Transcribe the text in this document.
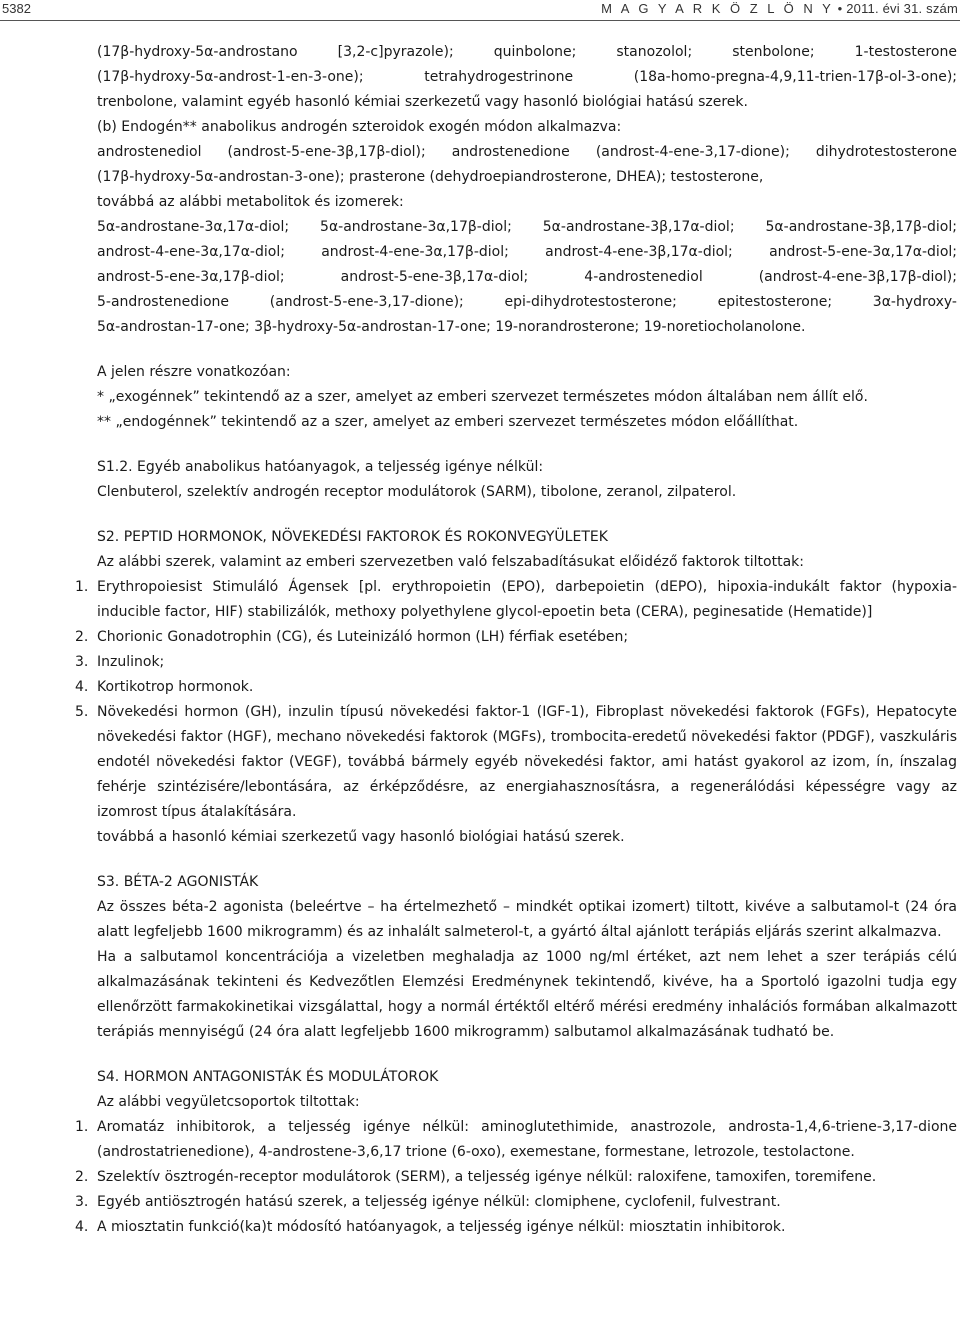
5382	M A G Y A R K Ö Z L Ö N Y • 2011. évi 31. szám
(17β-hydroxy-5α-androstano	[3,2-c]pyrazole);	quinbolone;	stanozolol;	stenbolone;	1-testosterone
(17β-hydroxy-5α-androst-1-en-3-one);	tetrahydrogestrinone	(18a-homo-pregna-4,9,11-trien-17β-ol-3-one);

trenbolone, valamint egyéb hasonló kémiai szerkezetű vagy hasonló biológiai hatású szerek.

(b) Endogén** anabolikus androgén szteroidok exogén módon alkalmazva:

androstenediol (androst-5-ene-3β,17β-diol); androstenedione (androst-4-ene-3,17-dione); dihydrotestosterone

(17β-hydroxy-5α-androstan-3-one); prasterone (dehydroepiandrosterone, DHEA); testosterone,

továbbá az alábbi metabolitok és izomerek:

5α-androstane-3α,17α-diol; 5α-androstane-3α,17β-diol; 5α-androstane-3β,17α-diol; 5α-androstane-3β,17β-diol;
androst-4-ene-3α,17α-diol;	androst-4-ene-3α,17β-diol;	androst-4-ene-3β,17α-diol;	androst-5-ene-3α,17α-diol;
androst-5-ene-3α,17β-diol;	androst-5-ene-3β,17α-diol;	4-androstenediol	(androst-4-ene-3β,17β-diol);
5-androstenedione	(androst-5-ene-3,17-dione);	epi-dihydrotestosterone;	epitestosterone;	3α-hydroxy-

5α-androstan-17-one; 3β-hydroxy-5α-androstan-17-one; 19-norandrosterone; 19-noretiocholanolone.

A jelen részre vonatkozóan:

* „exogénnek” tekintendő az a szer, amelyet az emberi szervezet természetes módon általában nem állít elő.

** „endogénnek” tekintendő az a szer, amelyet az emberi szervezet természetes módon előállíthat.

S1.2. Egyéb anabolikus hatóanyagok, a teljesség igénye nélkül:

Clenbuterol, szelektív androgén receptor modulátorok (SARM), tibolone, zeranol, zilpaterol.

S2. PEPTID HORMONOK, NÖVEKEDÉSI FAKTOROK ÉS ROKONVEGYÜLETEK

Az alábbi szerek, valamint az emberi szervezetben való felszabadításukat előidéző faktorok tiltottak:

1. Erythropoiesist Stimuláló Ágensek [pl. erythropoietin (EPO), darbepoietin (dEPO), hipoxia-indukált faktor (hypoxia-inducible factor, HIF) stabilizálók, methoxy polyethylene glycol-epoetin beta (CERA), peginesatide (Hematide)]

2. Chorionic Gonadotrophin (CG), és Luteinizáló hormon (LH) férfiak esetében;

3. Inzulinok;

4. Kortikotrop hormonok.

5. Növekedési hormon (GH), inzulin típusú növekedési faktor-1 (IGF-1), Fibroplast növekedési faktorok (FGFs), Hepatocyte növekedési faktor (HGF), mechano növekedési faktorok (MGFs), trombocita-eredetű növekedési faktor (PDGF), vaszkuláris endotél növekedési faktor (VEGF), továbbá bármely egyéb növekedési faktor, ami hatást gyakorol az izom, ín, ínszalag fehérje szintézisére/lebontására, az érképződésre, az energiahasznosításra, a regenerálódási képességre vagy az izomrost típus átalakítására.

továbbá a hasonló kémiai szerkezetű vagy hasonló biológiai hatású szerek.

S3. BÉTA-2 AGONISTÁK

Az összes béta-2 agonista (beleértve – ha értelmezhető – mindkét optikai izomert) tiltott, kivéve a salbutamol-t (24 óra alatt legfeljebb 1600 mikrogramm) és az inhalált salmeterol-t, a gyártó által ajánlott terápiás eljárás szerint alkalmazva.

Ha a salbutamol koncentrációja a vizeletben meghaladja az 1000 ng/ml értéket, azt nem lehet a szer terápiás célú alkalmazásának tekinteni és Kedvezőtlen Elemzési Eredménynek tekintendő, kivéve, ha a Sportoló igazolni tudja egy ellenőrzött farmakokinetikai vizsgálattal, hogy a normál értéktől eltérő mérési eredmény inhalációs formában alkalmazott terápiás mennyiségű (24 óra alatt legfeljebb 1600 mikrogramm) salbutamol alkalmazásának tudható be.

S4. HORMON ANTAGONISTÁK ÉS MODULÁTOROK

Az alábbi vegyületcsoportok tiltottak:

1. Aromatáz inhibitorok, a teljesség igénye nélkül: aminoglutethimide, anastrozole, androsta-1,4,6-triene-3,17-dione (androstatrienedione), 4-androstene-3,6,17 trione (6-oxo), exemestane, formestane, letrozole, testolactone.

2. Szelektív ösztrogén-receptor modulátorok (SERM), a teljesség igénye nélkül: raloxifene, tamoxifen, toremifene.

3. Egyéb antiösztrogén hatású szerek, a teljesség igénye nélkül: clomiphene, cyclofenil, fulvestrant.

4. A miosztatin funkció(ka)t módosító hatóanyagok, a teljesség igénye nélkül: miosztatin inhibitorok.
